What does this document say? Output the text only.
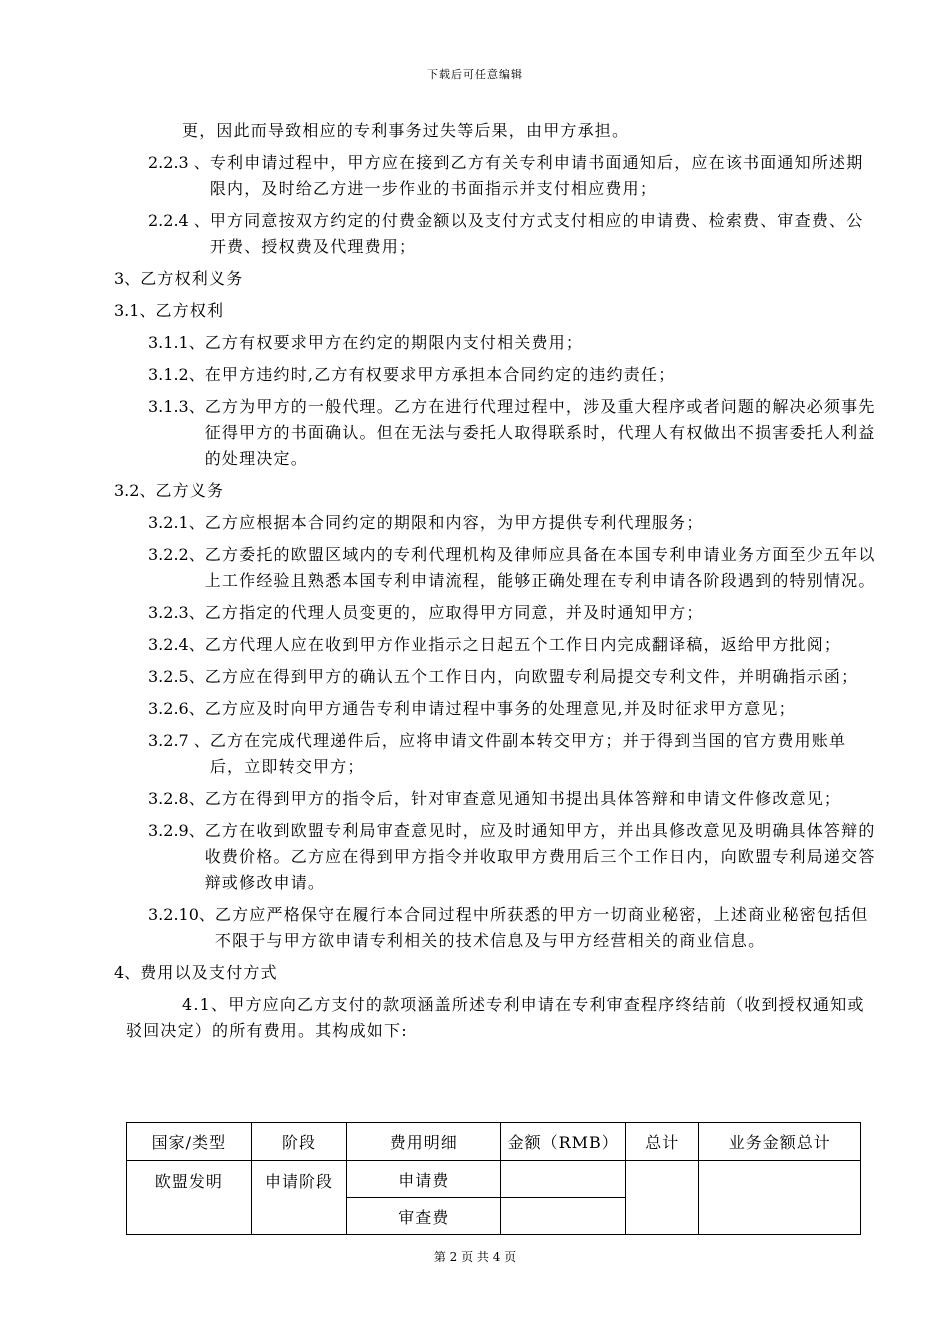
下载后可任意编辑

更，因此而导致相应的专利事务过失等后果，由甲方承担。

2.2.3 、 专利申请过程中，甲方应在接到乙方有关专利申请书面通知后，应在该书面通知所述期限内，及时给乙方进一步作业的书面指示并支付相应费用；
2.2.4 、 甲方同意按双方约定的付费金额以及支付方式支付相应的申请费、检索费、审查费、公开费、授权费及代理费用；
3、 乙方权利义务
3.1、 乙方权利
3.1.1、 乙方有权要求甲方在约定的期限内支付相关费用；
3.1.2、 在甲方违约时,乙方有权要求甲方承担本合同约定的违约责任；
3.1.3、 乙方为甲方的一般代理。乙方在进行代理过程中，涉及重大程序或者问题的解决必须事先征得甲方的书面确认。但在无法与委托人取得联系时，代理人有权做出不损害委托人利益的处理决定。
3.2、 乙方义务
3.2.1、 乙方应根据本合同约定的期限和内容，为甲方提供专利代理服务；
3.2.2、 乙方委托的欧盟区域内的专利代理机构及律师应具备在本国专利申请业务方面至少五年以上工作经验且熟悉本国专利申请流程，能够正确处理在专利申请各阶段遇到的特别情况。
3.2.3、 乙方指定的代理人员变更的，应取得甲方同意，并及时通知甲方；
3.2.4、 乙方代理人应在收到甲方作业指示之日起五个工作日内完成翻译稿，返给甲方批阅；
3.2.5、 乙方应在得到甲方的确认五个工作日内，向欧盟专利局提交专利文件，并明确指示函；
3.2.6、 乙方应及时向甲方通告专利申请过程中事务的处理意见,并及时征求甲方意见；
3.2.7 、 乙方在完成代理递件后，应将申请文件副本转交甲方；并于得到当国的官方费用账单后，立即转交甲方；
3.2.8、 乙方在得到甲方的指令后，针对审查意见通知书提出具体答辩和申请文件修改意见；
3.2.9、 乙方在收到欧盟专利局审查意见时，应及时通知甲方，并出具修改意见及明确具体答辩的收费价格。乙方应在得到甲方指令并收取甲方费用后三个工作日内，向欧盟专利局递交答辩或修改申请。
3.2.10、 乙方应严格保守在履行本合同过程中所获悉的甲方一切商业秘密，上述商业秘密包括但不限于与甲方欲申请专利相关的技术信息及与甲方经营相关的商业信息。
4、 费用以及支付方式

4.1、甲方应向乙方支付的款项涵盖所述专利申请在专利审查程序终结前（收到授权通知或驳回决定）的所有费用。其构成如下:

国家/类型	阶段	费用明细	金额（RMB）	总计	业务金额总计
欧盟发明	申请阶段	申请费			
		审查费			
第 2 页 共 4 页
